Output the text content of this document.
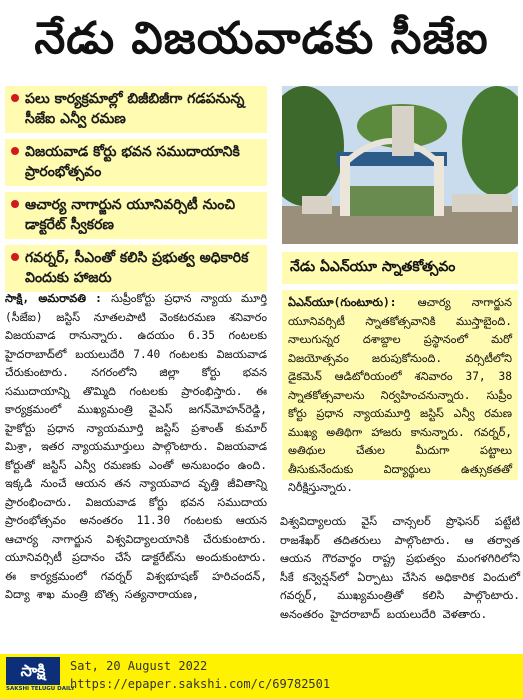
నేడు విజయవాడకు సీజేఐ
పలు కార్యక్రమాల్లో బిజీబిజీగా గడపనున్న సీజేఐ ఎన్వీ రమణ
విజయవాడ కోర్టు భవన సముదాయానికి ప్రారంభోత్సవం
ఆచార్య నాగార్జున యూనివర్సిటీ నుంచి డాక్టరేట్ స్వీకరణ
గవర్నర్, సీఎంతో కలిసి ప్రభుత్వ అధికారిక విందుకు హాజరు
నేడు ఏఎన్‌యూ స్నాతకోత్సవం

సాక్షి, అమరావతి : సుప్రీంకోర్టు ప్రధాన న్యాయ మూర్తి (సీజేఐ) జస్టిస్ నూతలపాటి వెంకటరమణ శనివారం విజయవాడ రానున్నారు. ఉదయం 6.35 గంటలకు హైదరాబాద్‌లో బయలుదేరి 7.40 గంటలకు విజయవాడ చేరుకుంటారు. నగరంలోని జిల్లా కోర్టు భవన సముదాయాన్ని తొమ్మిది గంటలకు ప్రారంభిస్తారు. ఈ కార్యక్రమంలో ముఖ్యమంత్రి వైఎస్ జగన్‌మోహన్‌రెడ్డి, హైకోర్టు ప్రధాన న్యాయమూర్తి జస్టిస్ ప్రశాంత్ కుమార్ మిశ్రా, ఇతర న్యాయమూర్తులు పాల్గొంటారు. విజయవాడ కోర్టుతో జస్టిస్ ఎన్వీ రమణకు ఎంతో అనుబంధం ఉంది. ఇక్కడి నుంచే ఆయన తన న్యాయవాద వృత్తి జీవితాన్ని ప్రారంభించారు. విజయవాడ కోర్టు భవన సముదాయ ప్రారంభోత్సవం అనంతరం 11.30 గంటలకు ఆయన ఆచార్య నాగార్జున విశ్వవిద్యాలయానికి చేరుకుంటారు. యూనివర్సిటీ ప్రదానం చేసే డాక్టరేట్‌ను అందుకుంటారు. ఈ కార్యక్రమంలో గవర్నర్ విశ్వభూషణ్ హరిచందన్, విద్యా శాఖ మంత్రి బొత్స సత్యనారాయణ,

ఏఎన్‌యూ(గుంటూరు): ఆచార్య నాగార్జున యూనివర్సిటీ స్నాతకోత్సవానికి ముస్తాబైంది. నాలుగున్నర దశాబ్దాల ప్రస్థానంలో మరో విజయోత్సవం జరుపుకోనుంది. వర్సిటీలోని డైకమెన్ ఆడిటోరియంలో శనివారం 37, 38 స్నాతకోత్సవాలను నిర్వహించనున్నారు. సుప్రీం కోర్టు ప్రధాన న్యాయమూర్తి జస్టిస్ ఎన్వీ రమణ ముఖ్య అతిథిగా హాజరు కానున్నారు. గవర్నర్, అతిథుల చేతుల మీదుగా పట్టాలు తీసుకునేందుకు విద్యార్థులు ఉత్సుకతతో నిరీక్షిస్తున్నారు.

విశ్వవిద్యాలయ వైస్ చాన్సలర్ ప్రొఫెసర్ పట్టేటి రాజశేఖర్ తదితరులు పాల్గొంటారు. ఆ తర్వాత ఆయన గౌరవార్థం రాష్ట్ర ప్రభుత్వం మంగళగిరిలోని సీకే కన్వెన్షన్‌లో ఏర్పాటు చేసిన అధికారిక విందులో గవర్నర్, ముఖ్యమంత్రితో కలిసి పాల్గొంటారు. అనంతరం హైదరాబాద్ బయలుదేరి వెళతారు.

సాక్షి
SAKSHI TELUGU DAILY
Sat, 20 August 2022
https://epaper.sakshi.com/c/69782501
